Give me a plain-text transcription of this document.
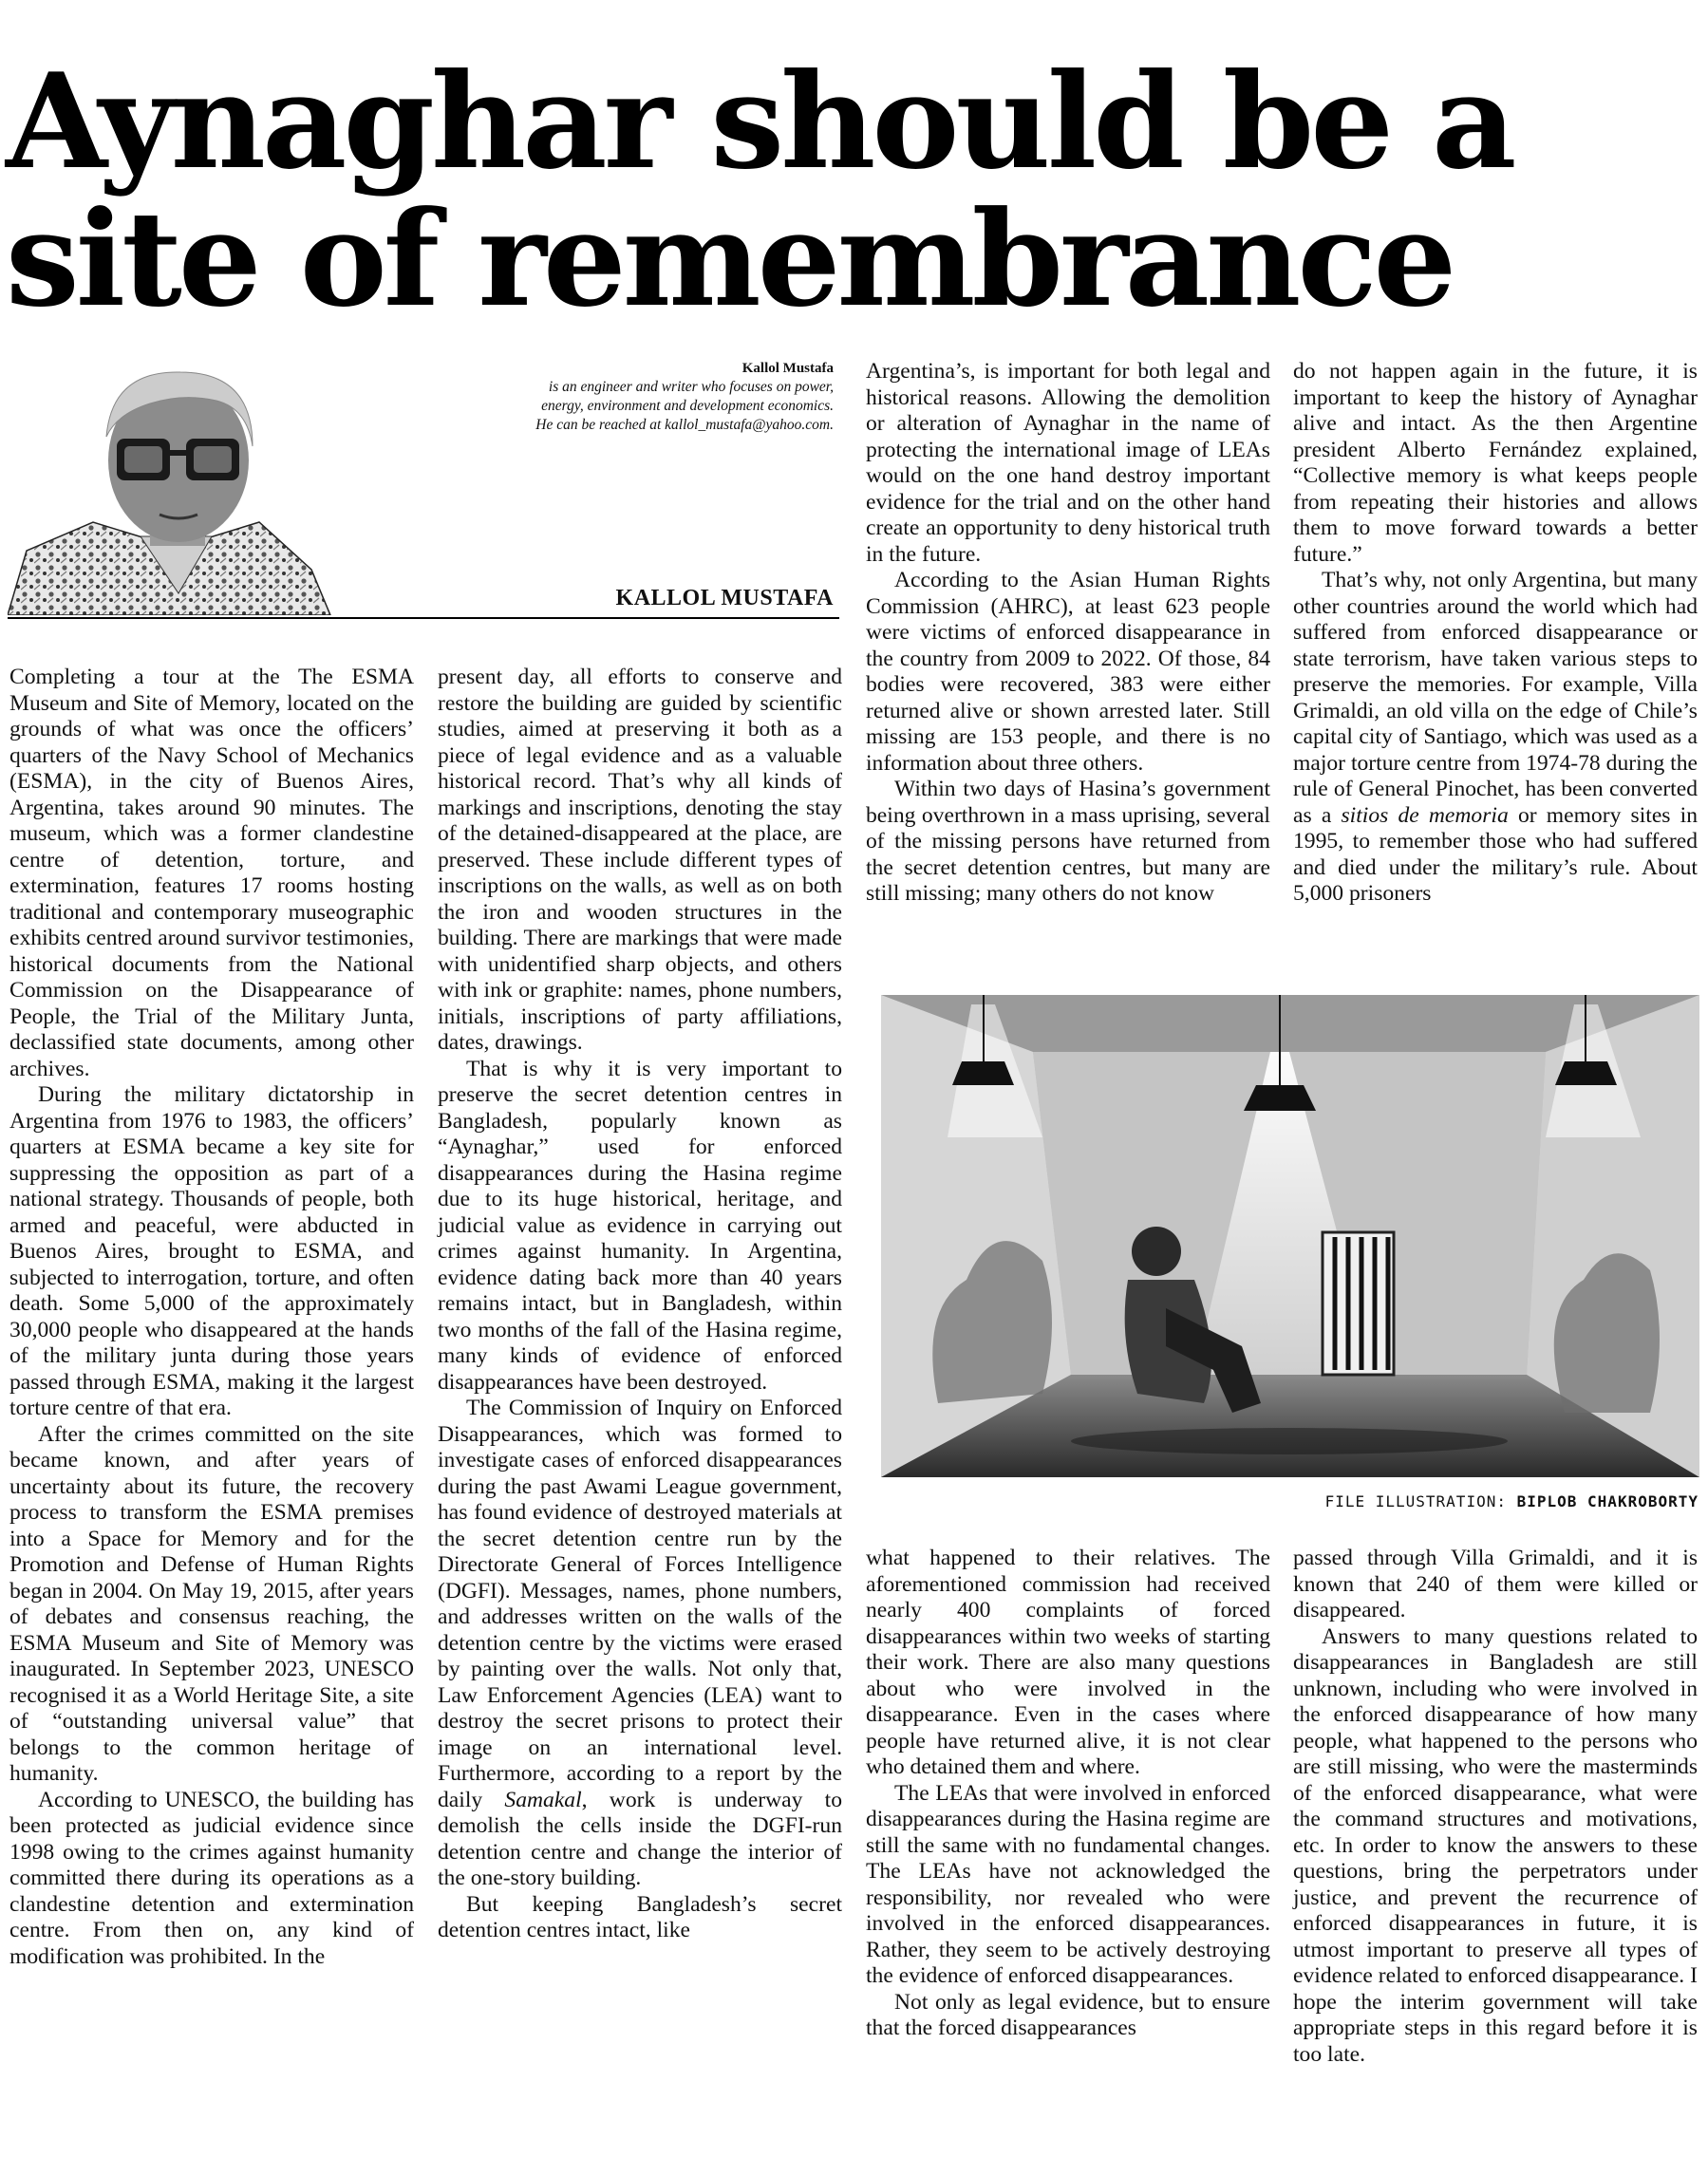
Aynaghar should be a site of remembrance
Kallol Mustafa
is an engineer and writer who focuses on power,
energy, environment and development economics.
He can be reached at kallol_mustafa@yahoo.com.
KALLOL MUSTAFA

Completing a tour at the The ESMA Museum and Site of Memory, located on the grounds of what was once the officers’ quarters of the Navy School of Mechanics (ESMA), in the city of Buenos Aires, Argentina, takes around 90 minutes. The museum, which was a former clandestine centre of detention, torture, and extermination, features 17 rooms hosting traditional and contemporary museographic exhibits centred around survivor testimonies, historical documents from the National Commission on the Disappearance of People, the Trial of the Military Junta, declassified state documents, among other archives.

During the military dictatorship in Argentina from 1976 to 1983, the officers’ quarters at ESMA became a key site for suppressing the opposition as part of a national strategy. Thousands of people, both armed and peaceful, were abducted in Buenos Aires, brought to ESMA, and subjected to interrogation, torture, and often death. Some 5,000 of the approximately 30,000 people who disappeared at the hands of the military junta during those years passed through ESMA, making it the largest torture centre of that era.

After the crimes committed on the site became known, and after years of uncertainty about its future, the recovery process to transform the ESMA premises into a Space for Memory and for the Promotion and Defense of Human Rights began in 2004. On May 19, 2015, after years of debates and consensus reaching, the ESMA Museum and Site of Memory was inaugurated. In September 2023, UNESCO recognised it as a World Heritage Site, a site of “outstanding universal value” that belongs to the common heritage of humanity.

According to UNESCO, the building has been protected as judicial evidence since 1998 owing to the crimes against humanity committed there during its operations as a clandestine detention and extermination centre. From then on, any kind of modification was prohibited. In the

present day, all efforts to conserve and restore the building are guided by scientific studies, aimed at preserving it both as a piece of legal evidence and as a valuable historical record. That’s why all kinds of markings and inscriptions, denoting the stay of the detained-disappeared at the place, are preserved. These include different types of inscriptions on the walls, as well as on both the iron and wooden structures in the building. There are markings that were made with unidentified sharp objects, and others with ink or graphite: names, phone numbers, initials, inscriptions of party affiliations, dates, drawings.

That is why it is very important to preserve the secret detention centres in Bangladesh, popularly known as “Aynaghar,” used for enforced disappearances during the Hasina regime due to its huge historical, heritage, and judicial value as evidence in carrying out crimes against humanity. In Argentina, evidence dating back more than 40 years remains intact, but in Bangladesh, within two months of the fall of the Hasina regime, many kinds of evidence of enforced disappearances have been destroyed.

The Commission of Inquiry on Enforced Disappearances, which was formed to investigate cases of enforced disappearances during the past Awami League government, has found evidence of destroyed materials at the secret detention centre run by the Directorate General of Forces Intelligence (DGFI). Messages, names, phone numbers, and addresses written on the walls of the detention centre by the victims were erased by painting over the walls. Not only that, Law Enforcement Agencies (LEA) want to destroy the secret prisons to protect their image on an international level. Furthermore, according to a report by the daily Samakal, work is underway to demolish the cells inside the DGFI-run detention centre and change the interior of the one-story building.

But keeping Bangladesh’s secret detention centres intact, like

Argentina’s, is important for both legal and historical reasons. Allowing the demolition or alteration of Aynaghar in the name of protecting the international image of LEAs would on the one hand destroy important evidence for the trial and on the other hand create an opportunity to deny historical truth in the future.

According to the Asian Human Rights Commission (AHRC), at least 623 people were victims of enforced disappearance in the country from 2009 to 2022. Of those, 84 bodies were recovered, 383 were either returned alive or shown arrested later. Still missing are 153 people, and there is no information about three others.

Within two days of Hasina’s government being overthrown in a mass uprising, several of the missing persons have returned from the secret detention centres, but many are still missing; many others do not know

do not happen again in the future, it is important to keep the history of Aynaghar alive and intact. As the then Argentine president Alberto Fernández explained, “Collective memory is what keeps people from repeating their histories and allows them to move forward towards a better future.”

That’s why, not only Argentina, but many other countries around the world which had suffered from enforced disappearance or state terrorism, have taken various steps to preserve the memories. For example, Villa Grimaldi, an old villa on the edge of Chile’s capital city of Santiago, which was used as a major torture centre from 1974-78 during the rule of General Pinochet, has been converted as a sitios de memoria or memory sites in 1995, to remember those who had suffered and died under the military’s rule. About 5,000 prisoners

FILE ILLUSTRATION: BIPLOB CHAKROBORTY

what happened to their relatives. The aforementioned commission had received nearly 400 complaints of forced disappearances within two weeks of starting their work. There are also many questions about who were involved in the disappearance. Even in the cases where people have returned alive, it is not clear who detained them and where.

The LEAs that were involved in enforced disappearances during the Hasina regime are still the same with no fundamental changes. The LEAs have not acknowledged the responsibility, nor revealed who were involved in the enforced disappearances. Rather, they seem to be actively destroying the evidence of enforced disappearances.

Not only as legal evidence, but to ensure that the forced disappearances

passed through Villa Grimaldi, and it is known that 240 of them were killed or disappeared.

Answers to many questions related to disappearances in Bangladesh are still unknown, including who were involved in the enforced disappearance of how many people, what happened to the persons who are still missing, who were the masterminds of the enforced disappearance, what were the command structures and motivations, etc. In order to know the answers to these questions, bring the perpetrators under justice, and prevent the recurrence of enforced disappearances in future, it is utmost important to preserve all types of evidence related to enforced disappearance. I hope the interim government will take appropriate steps in this regard before it is too late.
